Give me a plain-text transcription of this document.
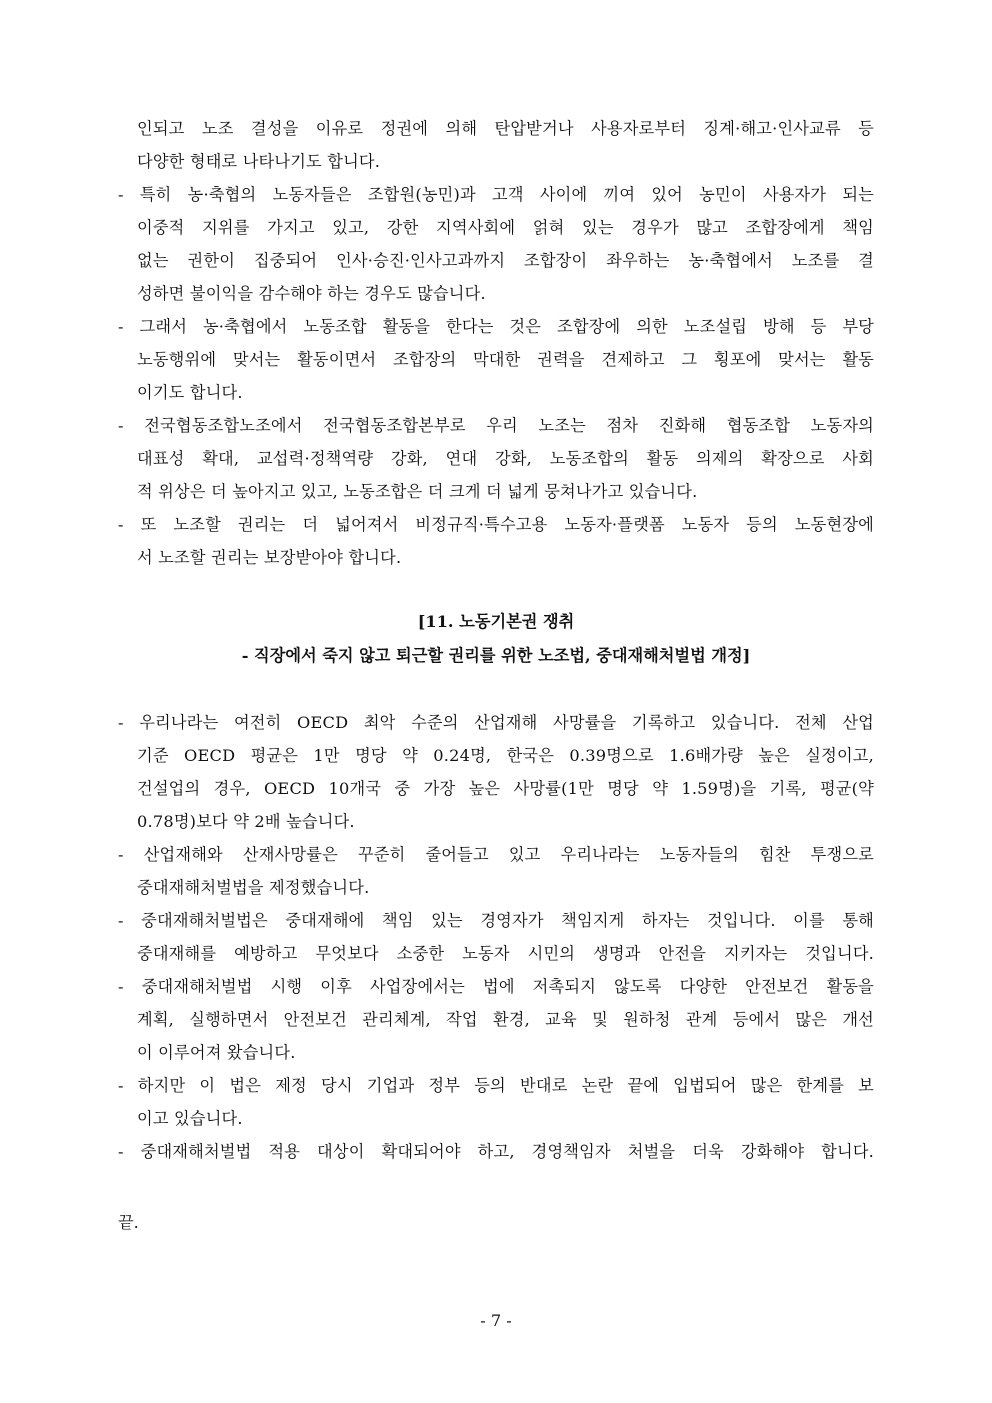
인되고 노조 결성을 이유로 정권에 의해 탄압받거나 사용자로부터 징계·해고·인사교류 등
다양한 형태로 나타나기도 합니다.
- 특히 농·축협의 노동자들은 조합원(농민)과 고객 사이에 끼여 있어 농민이 사용자가 되는
이중적 지위를 가지고 있고, 강한 지역사회에 얽혀 있는 경우가 많고 조합장에게 책임
없는 권한이 집중되어 인사·승진·인사고과까지 조합장이 좌우하는 농·축협에서 노조를 결
성하면 불이익을 감수해야 하는 경우도 많습니다.
- 그래서 농·축협에서 노동조합 활동을 한다는 것은 조합장에 의한 노조설립 방해 등 부당
노동행위에 맞서는 활동이면서 조합장의 막대한 권력을 견제하고 그 횡포에 맞서는 활동
이기도 합니다.
- 전국협동조합노조에서 전국협동조합본부로 우리 노조는 점차 진화해 협동조합 노동자의
대표성 확대, 교섭력·정책역량 강화, 연대 강화, 노동조합의 활동 의제의 확장으로 사회
적 위상은 더 높아지고 있고, 노동조합은 더 크게 더 넓게 뭉쳐나가고 있습니다.
- 또 노조할 권리는 더 넓어져서 비정규직·특수고용 노동자·플랫폼 노동자 등의 노동현장에
서 노조할 권리는 보장받아야 합니다.
[11. 노동기본권 쟁취
- 직장에서 죽지 않고 퇴근할 권리를 위한 노조법, 중대재해처벌법 개정]
- 우리나라는 여전히 OECD 최악 수준의 산업재해 사망률을 기록하고 있습니다. 전체 산업
기준 OECD 평균은 1만 명당 약 0.24명, 한국은 0.39명으로 1.6배가량 높은 실정이고,
건설업의 경우, OECD 10개국 중 가장 높은 사망률(1만 명당 약 1.59명)을 기록, 평균(약
0.78명)보다 약 2배 높습니다.
- 산업재해와 산재사망률은 꾸준히 줄어들고 있고 우리나라는 노동자들의 힘찬 투쟁으로
중대재해처벌법을 제정했습니다.
- 중대재해처벌법은 중대재해에 책임 있는 경영자가 책임지게 하자는 것입니다. 이를 통해
중대재해를 예방하고 무엇보다 소중한 노동자 시민의 생명과 안전을 지키자는 것입니다.
- 중대재해처벌법 시행 이후 사업장에서는 법에 저촉되지 않도록 다양한 안전보건 활동을
계획, 실행하면서 안전보건 관리체계, 작업 환경, 교육 및 원하청 관계 등에서 많은 개선
이 이루어져 왔습니다.
- 하지만 이 법은 제정 당시 기업과 정부 등의 반대로 논란 끝에 입법되어 많은 한계를 보
이고 있습니다.
- 중대재해처벌법 적용 대상이 확대되어야 하고, 경영책임자 처벌을 더욱 강화해야 합니다.
끝.
- 7 -
